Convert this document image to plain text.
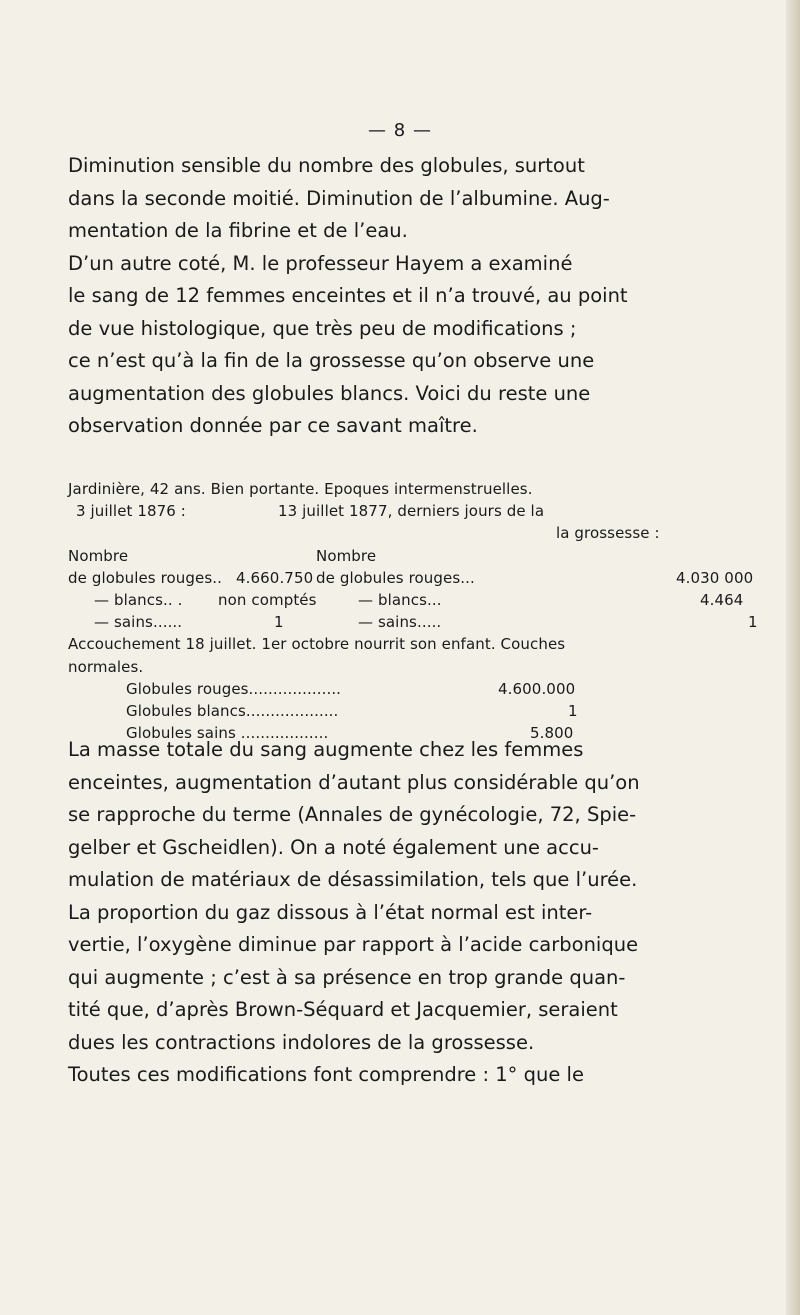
— 8 —
Diminution sensible du nombre des globules, surtout
dans la seconde moitié. Diminution de l’albumine. Aug-
mentation de la fibrine et de l’eau.
D’un autre coté, M. le professeur Hayem a examiné
le sang de 12 femmes enceintes et il n’a trouvé, au point
de vue histologique, que très peu de modifications ;
ce n’est qu’à la fin de la grossesse qu’on observe une
augmentation des globules blancs. Voici du reste une
observation donnée par ce savant maître.
Jardinière, 42 ans. Bien portante. Epoques intermenstruelles.
3 juillet 1876 :	13 juillet 1877, derniers jours de la
la grossesse :
Nombre	Nombre
de globules rouges.. 4.660.750 de globules rouges...	4.030 000
— blancs.. . non comptés	— blancs...	4.464
— sains......	1	— sains.....	1
Accouchement 18 juillet. 1er octobre nourrit son enfant. Couches
normales.
Globules rouges...................	4.600.000
Globules blancs...................	1
Globules sains ..................	5.800
La masse totale du sang augmente chez les femmes
enceintes, augmentation d’autant plus considérable qu’on
se rapproche du terme (Annales de gynécologie, 72, Spie-
gelber et Gscheidlen). On a noté également une accu-
mulation de matériaux de désassimilation, tels que l’urée.
La proportion du gaz dissous à l’état normal est inter-
vertie, l’oxygène diminue par rapport à l’acide carbonique
qui augmente ; c’est à sa présence en trop grande quan-
tité que, d’après Brown-Séquard et Jacquemier, seraient
dues les contractions indolores de la grossesse.
Toutes ces modifications font comprendre : 1° que le
